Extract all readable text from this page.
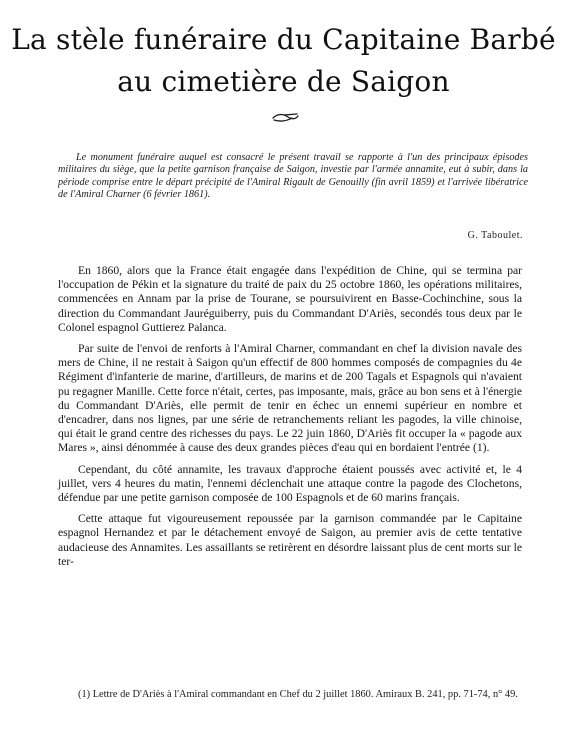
La stèle funéraire du Capitaine Barbé
au cimetière de Saigon

Le monument funéraire auquel est consacré le présent travail se rapporte à l'un des principaux épisodes militaires du siège, que la petite garnison française de Saigon, investie par l'armée annamite, eut à subir, dans la période comprise entre le départ précipité de l'Amiral Rigault de Genouilly (fin avril 1859) et l'arrivée libératrice de l'Amiral Charner (6 février 1861).

G. Taboulet.

En 1860, alors que la France était engagée dans l'expédition de Chine, qui se termina par l'occupation de Pékin et la signature du traité de paix du 25 octobre 1860, les opérations militaires, commencées en Annam par la prise de Tourane, se poursuivirent en Basse-Cochinchine, sous la direction du Commandant Jauréguiberry, puis du Commandant D'Ariès, secondés tous deux par le Colonel espagnol Guttierez Palanca.

Par suite de l'envoi de renforts à l'Amiral Charner, commandant en chef la division navale des mers de Chine, il ne restait à Saigon qu'un effectif de 800 hommes composés de compagnies du 4e Régiment d'infanterie de marine, d'artilleurs, de marins et de 200 Tagals et Espagnols qui n'avaient pu regagner Manille. Cette force n'était, certes, pas imposante, mais, grâce au bon sens et à l'énergie du Commandant D'Ariès, elle permit de tenir en échec un ennemi supérieur en nombre et d'encadrer, dans nos lignes, par une série de retranchements reliant les pagodes, la ville chinoise, qui était le grand centre des richesses du pays. Le 22 juin 1860, D'Ariès fit occuper la « pagode aux Mares », ainsi dénommée à cause des deux grandes pièces d'eau qui en bordaient l'entrée (1).

Cependant, du côté annamite, les travaux d'approche étaient poussés avec activité et, le 4 juillet, vers 4 heures du matin, l'ennemi déclenchait une attaque contre la pagode des Clochetons, défendue par une petite garnison composée de 100 Espagnols et de 60 marins français.

Cette attaque fut vigoureusement repoussée par la garnison commandée par le Capitaine espagnol Hernandez et par le détachement envoyé de Saigon, au premier avis de cette tentative audacieuse des Annamites. Les assaillants se retirèrent en désordre laissant plus de cent morts sur le ter-

(1) Lettre de D'Ariès à l'Amiral commandant en Chef du 2 juillet 1860. Amiraux B. 241, pp. 71-74, n° 49.
